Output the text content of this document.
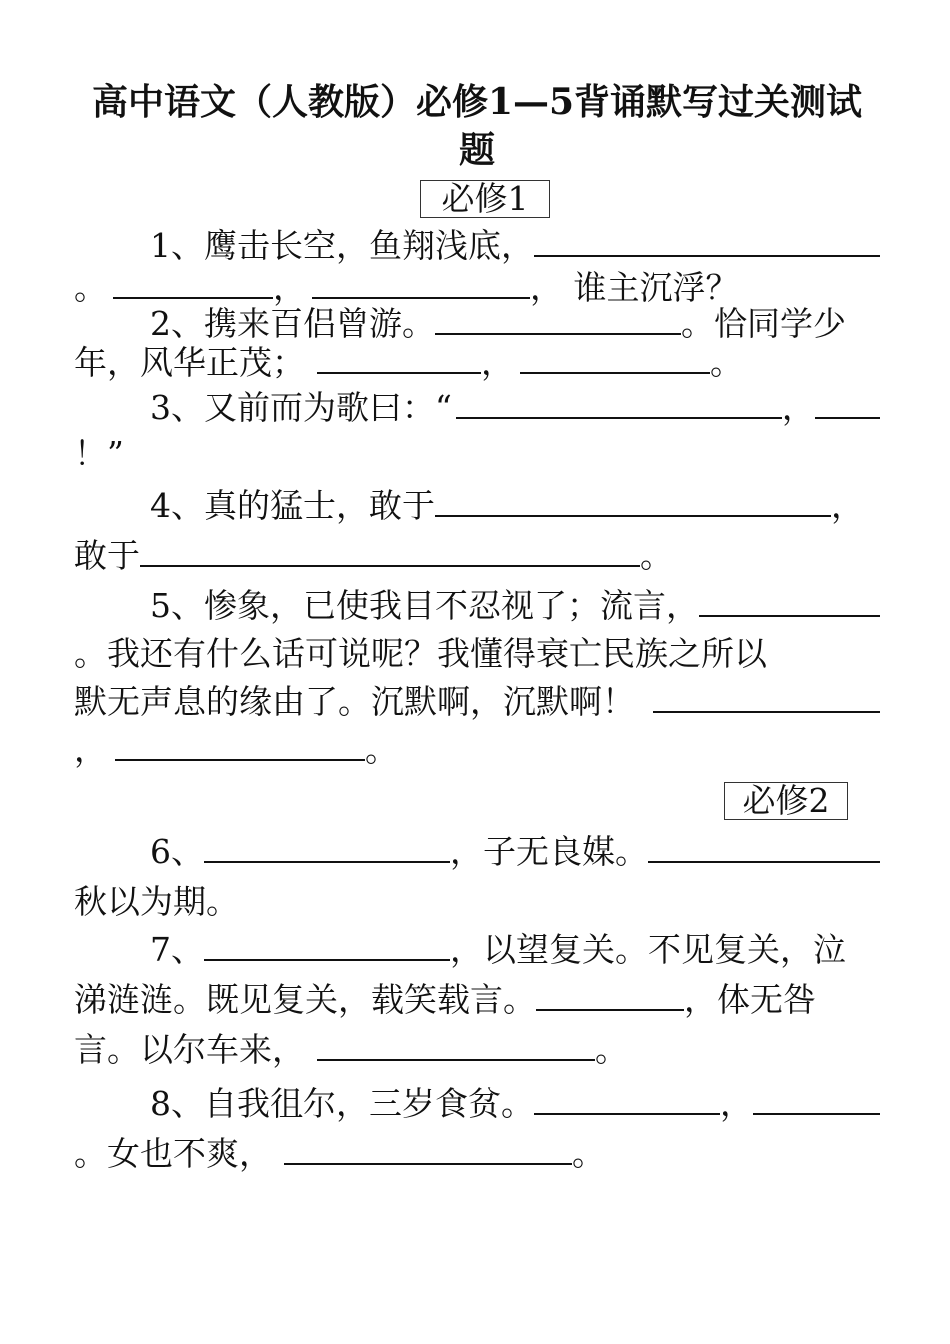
高中语文（人教版）必修1—5背诵默写过关测试
题
必修1
1、鹰击长空，鱼翔浅底，
。	，	， 谁主沉浮？
2、携来百侣曾游。	。恰同学少
年，风华正茂；	，	。
3、又前而为歌曰：“	，
！”
4、真的猛士，敢于	，
敢于	。
5、惨象，已使我目不忍视了；流言，
。我还有什么话可说呢？我懂得衰亡民族之所以
默无声息的缘由了。沉默啊，沉默啊！
，	。
必修2
6、	，子无良媒。
秋以为期。
7、	，以望复关。不见复关，泣
涕涟涟。既见复关，载笑载言。	，体无咎
言。以尔车来，	。
8、自我徂尔，三岁食贫。	，
。女也不爽，	。
